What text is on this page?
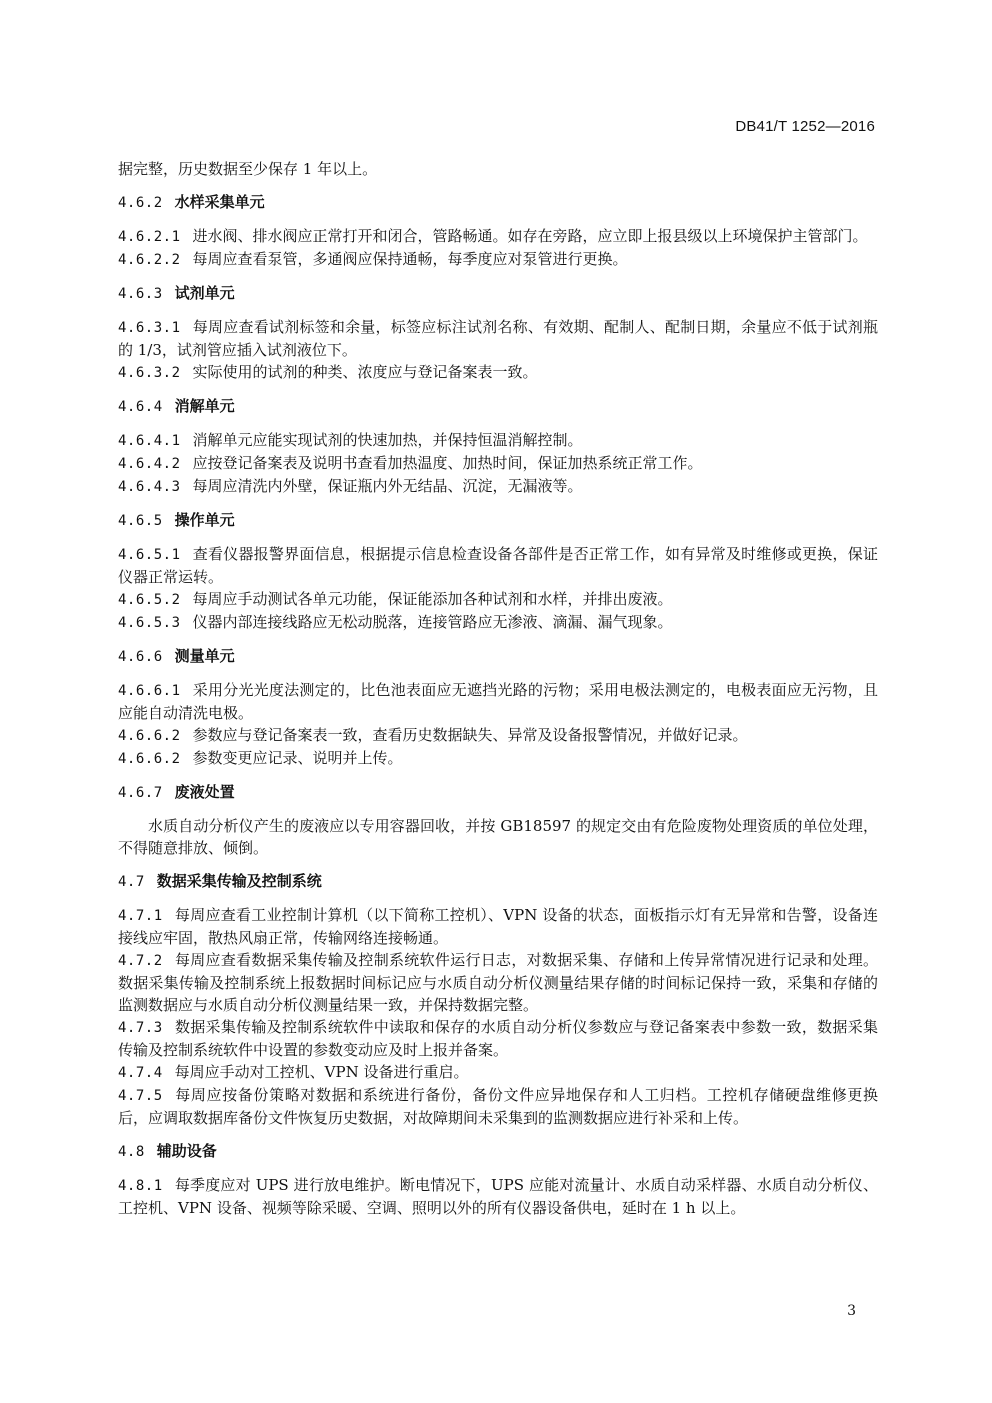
DB41/T 1252—2016

据完整，历史数据至少保存 1 年以上。

4.6.2 水样采集单元

4.6.2.1 进水阀、排水阀应正常打开和闭合，管路畅通。如存在旁路，应立即上报县级以上环境保护主管部门。

4.6.2.2 每周应查看泵管，多通阀应保持通畅，每季度应对泵管进行更换。

4.6.3 试剂单元

4.6.3.1 每周应查看试剂标签和余量，标签应标注试剂名称、有效期、配制人、配制日期，余量应不低于试剂瓶的 1/3，试剂管应插入试剂液位下。

4.6.3.2 实际使用的试剂的种类、浓度应与登记备案表一致。

4.6.4 消解单元

4.6.4.1 消解单元应能实现试剂的快速加热，并保持恒温消解控制。

4.6.4.2 应按登记备案表及说明书查看加热温度、加热时间，保证加热系统正常工作。

4.6.4.3 每周应清洗内外壁，保证瓶内外无结晶、沉淀，无漏液等。

4.6.5 操作单元

4.6.5.1 查看仪器报警界面信息，根据提示信息检查设备各部件是否正常工作，如有异常及时维修或更换，保证仪器正常运转。

4.6.5.2 每周应手动测试各单元功能，保证能添加各种试剂和水样，并排出废液。

4.6.5.3 仪器内部连接线路应无松动脱落，连接管路应无渗液、滴漏、漏气现象。

4.6.6 测量单元

4.6.6.1 采用分光光度法测定的，比色池表面应无遮挡光路的污物；采用电极法测定的，电极表面应无污物，且应能自动清洗电极。

4.6.6.2 参数应与登记备案表一致，查看历史数据缺失、异常及设备报警情况，并做好记录。

4.6.6.2 参数变更应记录、说明并上传。

4.6.7 废液处置

水质自动分析仪产生的废液应以专用容器回收，并按 GB18597 的规定交由有危险废物处理资质的单位处理，不得随意排放、倾倒。

4.7 数据采集传输及控制系统

4.7.1 每周应查看工业控制计算机（以下简称工控机）、VPN 设备的状态，面板指示灯有无异常和告警，设备连接线应牢固，散热风扇正常，传输网络连接畅通。

4.7.2 每周应查看数据采集传输及控制系统软件运行日志，对数据采集、存储和上传异常情况进行记录和处理。数据采集传输及控制系统上报数据时间标记应与水质自动分析仪测量结果存储的时间标记保持一致，采集和存储的监测数据应与水质自动分析仪测量结果一致，并保持数据完整。

4.7.3 数据采集传输及控制系统软件中读取和保存的水质自动分析仪参数应与登记备案表中参数一致，数据采集传输及控制系统软件中设置的参数变动应及时上报并备案。

4.7.4 每周应手动对工控机、VPN 设备进行重启。

4.7.5 每周应按备份策略对数据和系统进行备份，备份文件应异地保存和人工归档。工控机存储硬盘维修更换后，应调取数据库备份文件恢复历史数据，对故障期间未采集到的监测数据应进行补采和上传。

4.8 辅助设备

4.8.1 每季度应对 UPS 进行放电维护。断电情况下，UPS 应能对流量计、水质自动采样器、水质自动分析仪、工控机、VPN 设备、视频等除采暖、空调、照明以外的所有仪器设备供电，延时在 1 h 以上。

3
